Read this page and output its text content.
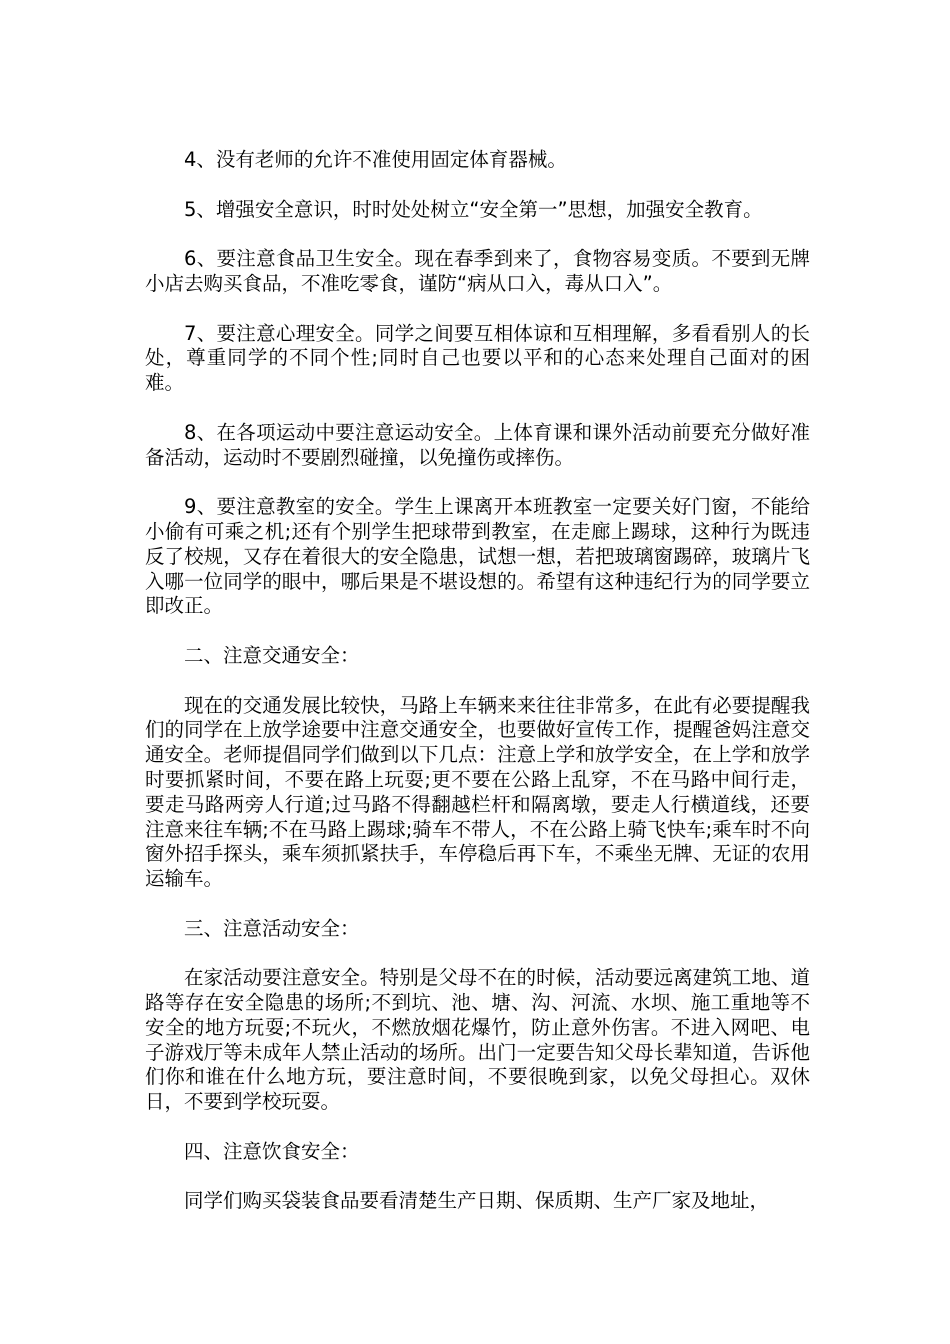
4、没有老师的允许不准使用固定体育器械。

5、增强安全意识，时时处处树立“安全第一”思想，加强安全教育。

6、要注意食品卫生安全。现在春季到来了，食物容易变质。不要到无牌小店去购买食品，不准吃零食，谨防“病从口入，毒从口入”。

7、要注意心理安全。同学之间要互相体谅和互相理解，多看看别人的长处，尊重同学的不同个性;同时自己也要以平和的心态来处理自己面对的困难。

8、在各项运动中要注意运动安全。上体育课和课外活动前要充分做好准备活动，运动时不要剧烈碰撞，以免撞伤或摔伤。

9、要注意教室的安全。学生上课离开本班教室一定要关好门窗，不能给小偷有可乘之机;还有个别学生把球带到教室，在走廊上踢球，这种行为既违反了校规，又存在着很大的安全隐患，试想一想，若把玻璃窗踢碎，玻璃片飞入哪一位同学的眼中，哪后果是不堪设想的。希望有这种违纪行为的同学要立即改正。

二、注意交通安全：

现在的交通发展比较快，马路上车辆来来往往非常多，在此有必要提醒我们的同学在上放学途要中注意交通安全，也要做好宣传工作，提醒爸妈注意交通安全。老师提倡同学们做到以下几点：注意上学和放学安全，在上学和放学时要抓紧时间，不要在路上玩耍;更不要在公路上乱穿，不在马路中间行走，要走马路两旁人行道;过马路不得翻越栏杆和隔离墩，要走人行横道线，还要注意来往车辆;不在马路上踢球;骑车不带人，不在公路上骑飞快车;乘车时不向窗外招手探头，乘车须抓紧扶手，车停稳后再下车，不乘坐无牌、无证的农用运输车。

三、注意活动安全：

在家活动要注意安全。特别是父母不在的时候，活动要远离建筑工地、道路等存在安全隐患的场所;不到坑、池、塘、沟、河流、水坝、施工重地等不安全的地方玩耍;不玩火，不燃放烟花爆竹，防止意外伤害。不进入网吧、电子游戏厅等未成年人禁止活动的场所。出门一定要告知父母长辈知道，告诉他们你和谁在什么地方玩，要注意时间，不要很晚到家，以免父母担心。双休日，不要到学校玩耍。

四、注意饮食安全：

同学们购买袋装食品要看清楚生产日期、保质期、生产厂家及地址，
